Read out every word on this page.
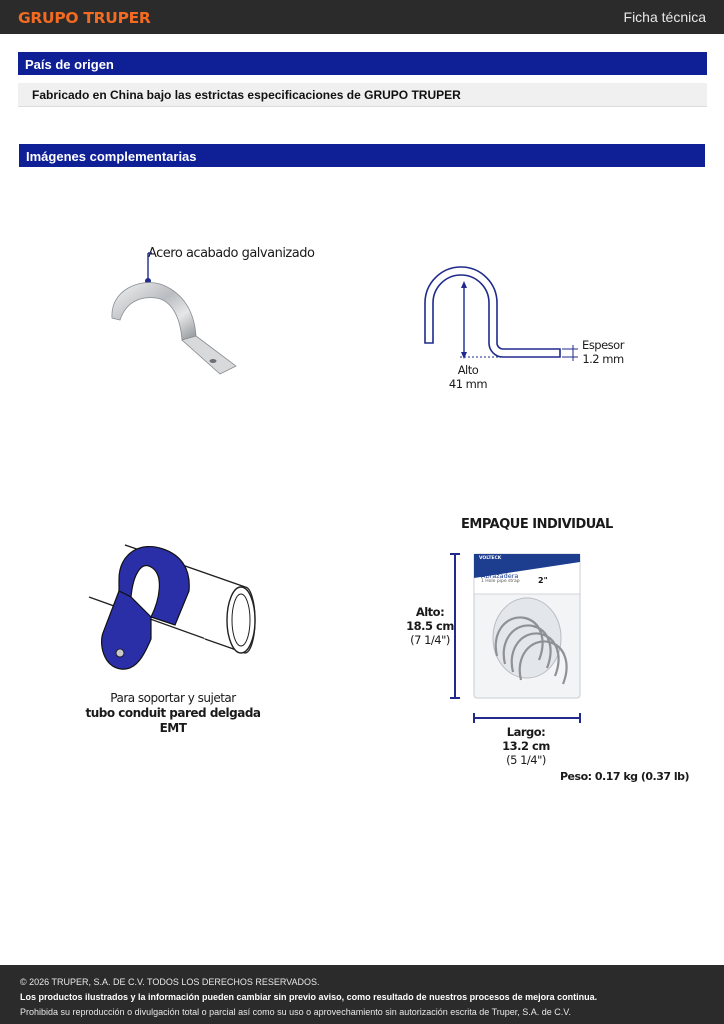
GRUPO TRUPER	Ficha técnica
País de origen
Fabricado en China bajo las estrictas especificaciones de GRUPO TRUPER
Imágenes complementarias
Acero acabado galvanizado
Alto
41 mm
Espesor
1.2 mm
Para soportar y sujetar
tubo conduit pared delgada EMT
EMPAQUE INDIVIDUAL
VOLTECK
Abrazadera
1 Hole pipe strap 2"
Alto:
18.5 cm
(7 1/4")
Largo:
13.2 cm
(5 1/4")
Peso: 0.17 kg (0.37 lb)
© 2026 TRUPER, S.A. DE C.V. TODOS LOS DERECHOS RESERVADOS.
Los productos ilustrados y la información pueden cambiar sin previo aviso, como resultado de nuestros procesos de mejora continua.
Prohibida su reproducción o divulgación total o parcial así como su uso o aprovechamiento sin autorización escrita de Truper, S.A. de C.V.
